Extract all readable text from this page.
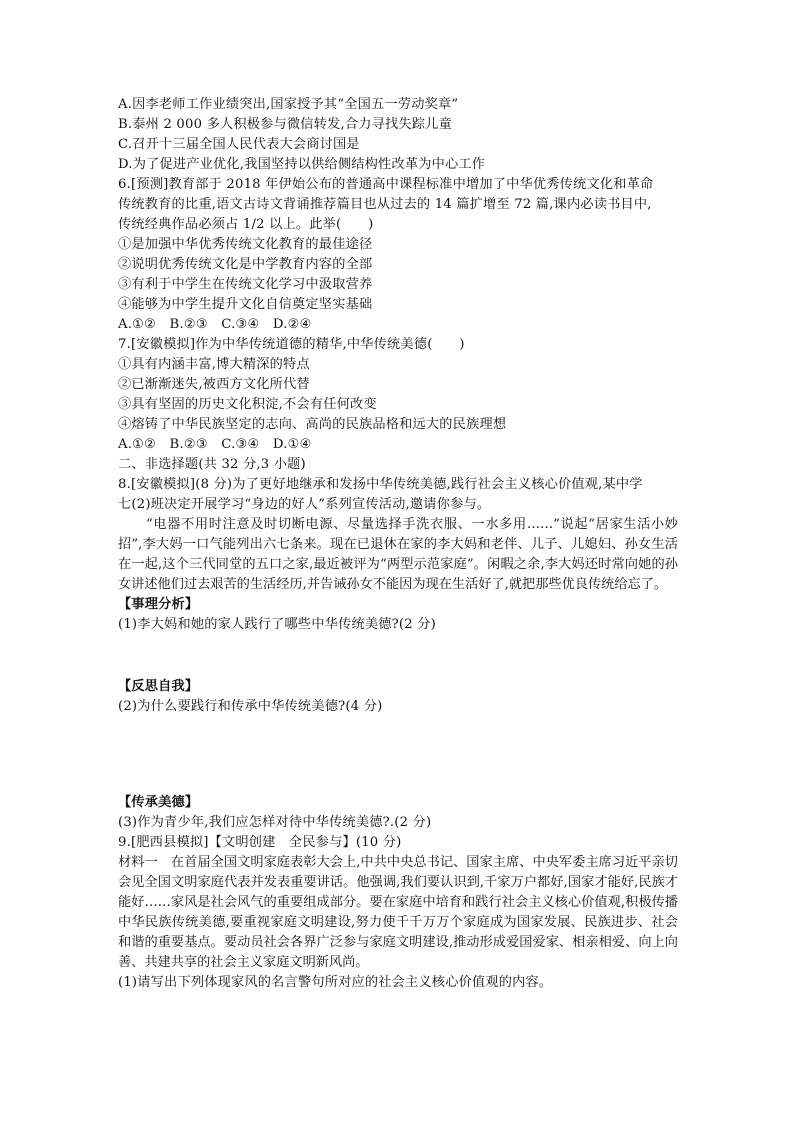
A.因李老师工作业绩突出,国家授予其“全国五一劳动奖章”
B.泰州 2 000 多人积极参与微信转发,合力寻找失踪儿童
C.召开十三届全国人民代表大会商讨国是
D.为了促进产业优化,我国坚持以供给侧结构性改革为中心工作
6.[预测]教育部于 2018 年伊始公布的普通高中课程标准中增加了中华优秀传统文化和革命
传统教育的比重,语文古诗文背诵推荐篇目也从过去的 14 篇扩增至 72 篇,课内必读书目中,
传统经典作品必须占 1/2 以上。此举(　　)
①是加强中华优秀传统文化教育的最佳途径
②说明优秀传统文化是中学教育内容的全部
③有利于中学生在传统文化学习中汲取营养
④能够为中学生提升文化自信奠定坚实基础
A.①②　B.②③　C.③④　D.②④
7.[安徽模拟]作为中华传统道德的精华,中华传统美德(　　)
①具有内涵丰富,博大精深的特点
②已渐渐迷失,被西方文化所代替
③具有坚固的历史文化积淀,不会有任何改变
④熔铸了中华民族坚定的志向、高尚的民族品格和远大的民族理想
A.①②　B.②③　C.③④　D.①④
二、非选择题(共 32 分,3 小题)
8.[安徽模拟](8 分)为了更好地继承和发扬中华传统美德,践行社会主义核心价值观,某中学
七(2)班决定开展学习“身边的好人”系列宣传活动,邀请你参与。
“电器不用时注意及时切断电源、尽量选择手洗衣服、一水多用……”说起“居家生活小妙招”,李大妈一口气能列出六七条来。现在已退休在家的李大妈和老伴、儿子、儿媳妇、孙女生活在一起,这个三代同堂的五口之家,最近被评为“两型示范家庭”。闲暇之余,李大妈还时常向她的孙女讲述他们过去艰苦的生活经历,并告诫孙女不能因为现在生活好了,就把那些优良传统给忘了。
【事理分析】
(1)李大妈和她的家人践行了哪些中华传统美德?(2 分)
【反思自我】
(2)为什么要践行和传承中华传统美德?(4 分)
【传承美德】
(3)作为青少年,我们应怎样对待中华传统美德?.(2 分)
9.[肥西县模拟]【文明创建　全民参与】(10 分)
材料一　在首届全国文明家庭表彰大会上,中共中央总书记、国家主席、中央军委主席习近平亲切会见全国文明家庭代表并发表重要讲话。他强调,我们要认识到,千家万户都好,国家才能好,民族才能好……家风是社会风气的重要组成部分。要在家庭中培育和践行社会主义核心价值观,积极传播中华民族传统美德,要重视家庭文明建设,努力使千千万万个家庭成为国家发展、民族进步、社会和谐的重要基点。要动员社会各界广泛参与家庭文明建设,推动形成爱国爱家、相亲相爱、向上向善、共建共享的社会主义家庭文明新风尚。
(1)请写出下列体现家风的名言警句所对应的社会主义核心价值观的内容。
